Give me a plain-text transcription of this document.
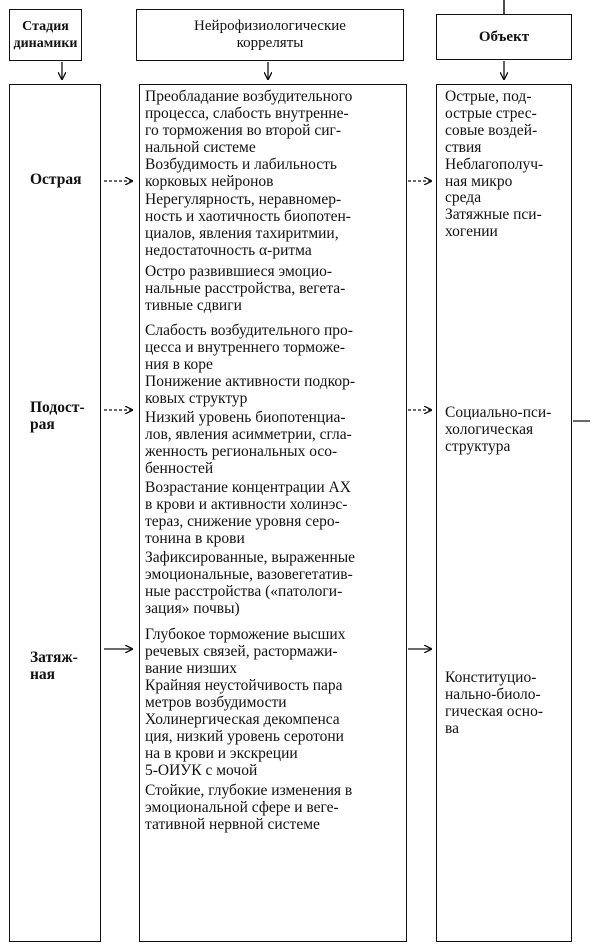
Стадия
динамики
Нейрофизиологические
корреляты	Объект
Острая
Подост-
рая
Затяж-
ная
Преобладание возбудительного
процесса, слабость внутренне-
го торможения во второй сиг-
нальной системе
Возбудимость и лабильность
корковых нейронов
Нерегулярность, неравномер-
ность и хаотичность биопотен-
циалов, явления тахиритмии,
недостаточность α-ритма
Остро развившиеся эмоцио-
нальные расстройства, вегета-
тивные сдвиги
Слабость возбудительного про-
цесса и внутреннего торможе-
ния в коре
Понижение активности подкор-
ковых структур
Низкий уровень биопотенциа-
лов, явления асимметрии, сгла-
женность региональных осо-
бенностей
Возрастание концентрации АХ
в крови и активности холинэс-
тераз, снижение уровня серо-
тонина в крови
Зафиксированные, выраженные
эмоциональные, вазовегетатив-
ные расстройства («патологи-
зация» почвы)
Глубокое торможение высших
речевых связей, растормажи-
вание низших
Крайняя неустойчивость пара
метров возбудимости
Холинергическая декомпенса
ция, низкий уровень серотони
на в крови и экскреции
5-ОИУК с мочой
Стойкие, глубокие изменения в
эмоциональной сфере и веге-
тативной нервной системе
Острые, под-
острые стрес-
совые воздей-
ствия
Неблагополуч-
ная микро
среда
Затяжные пси-
хогении
Социально-пси-
хологическая
структура
Конституцио-
нально-биоло-
гическая осно-
ва
